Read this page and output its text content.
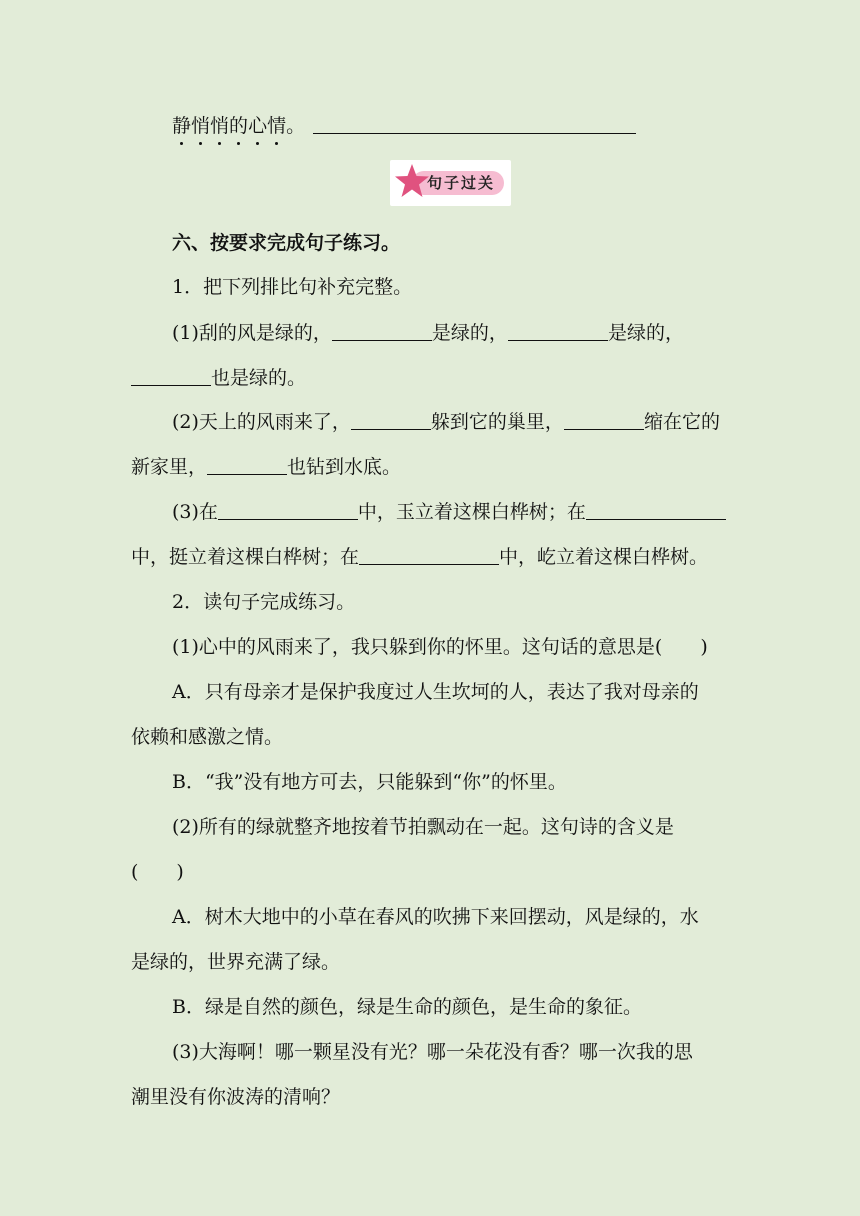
静悄悄的心情。
句子过关
六、按要求完成句子练习。
1．把下列排比句补充完整。
(1)刮的风是绿的，	是绿的，	是绿的，
也是绿的。
(2)天上的风雨来了，	躲到它的巢里，	缩在它的
新家里，	也钻到水底。
(3)在	中，玉立着这棵白桦树；在
中，挺立着这棵白桦树；在	中，屹立着这棵白桦树。
2．读句子完成练习。
(1)心中的风雨来了，我只躲到你的怀里。这句话的意思是(　　)
A．只有母亲才是保护我度过人生坎坷的人，表达了我对母亲的
依赖和感激之情。
B．“我”没有地方可去，只能躲到“你”的怀里。
(2)所有的绿就整齐地按着节拍飘动在一起。这句诗的含义是
(　　)
A．树木大地中的小草在春风的吹拂下来回摆动，风是绿的，水
是绿的，世界充满了绿。
B．绿是自然的颜色，绿是生命的颜色，是生命的象征。
(3)大海啊！哪一颗星没有光？哪一朵花没有香？哪一次我的思
潮里没有你波涛的清响？
